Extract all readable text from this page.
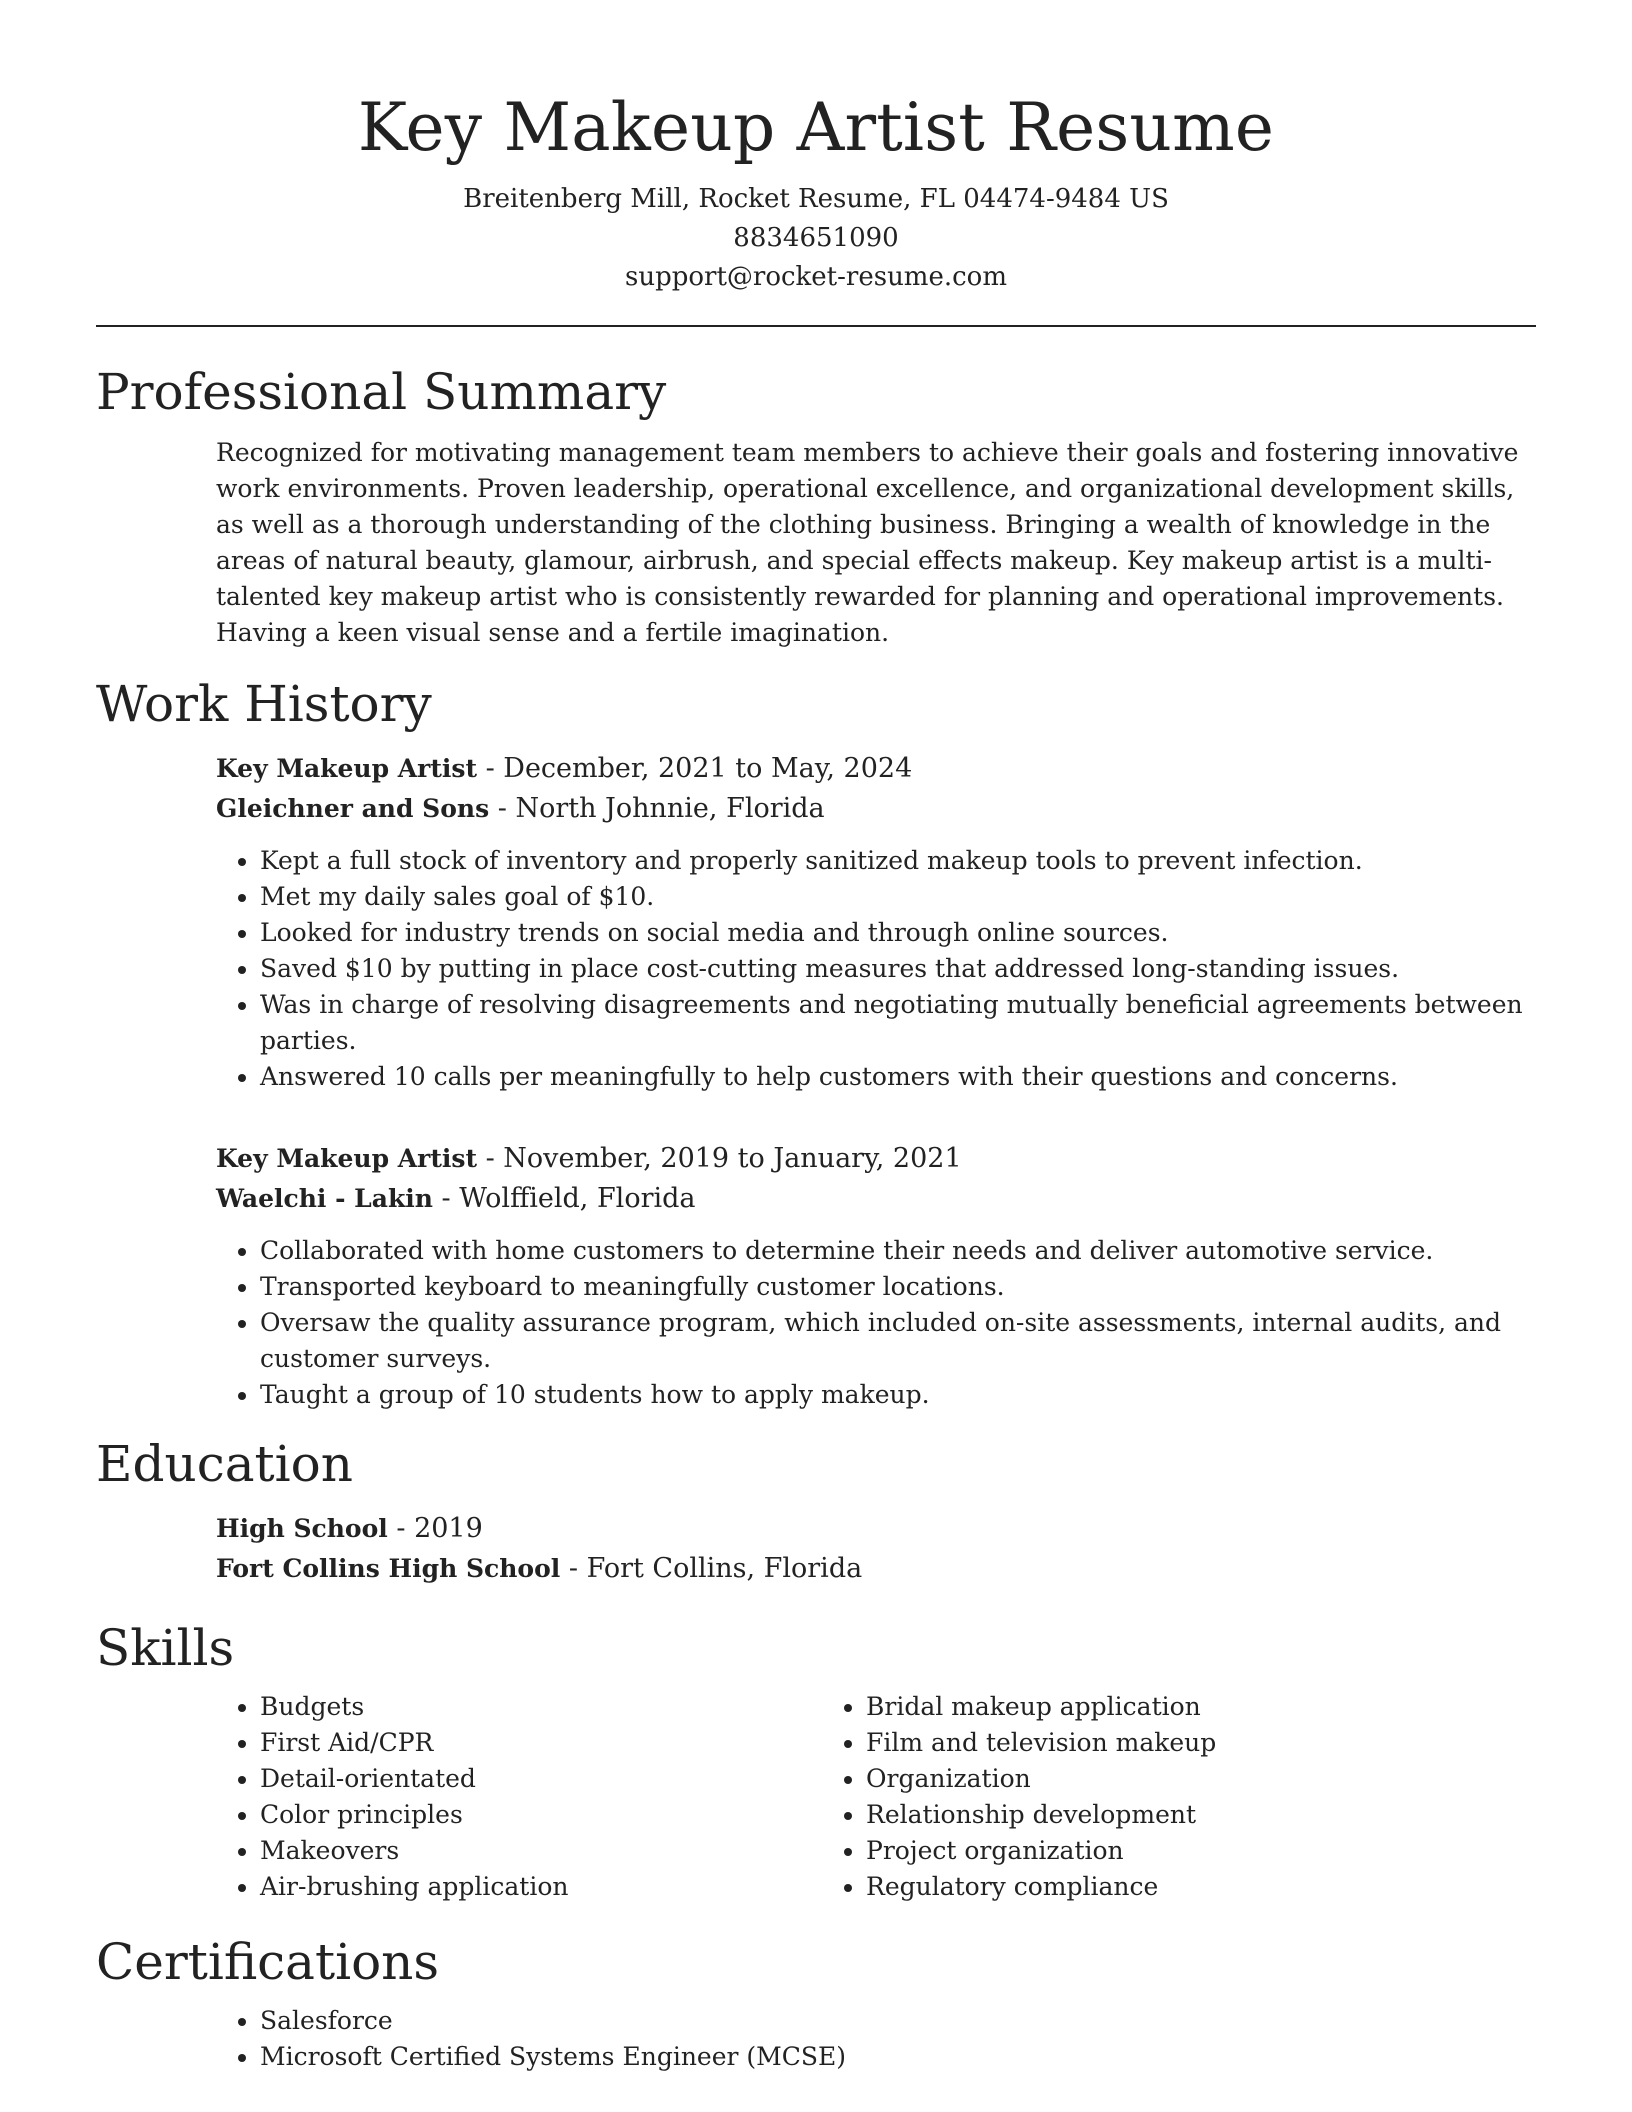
Key Makeup Artist Resume
Breitenberg Mill, Rocket Resume, FL 04474-9484 US
8834651090
support@rocket-resume.com
Professional Summary
Recognized for motivating management team members to achieve their goals and fostering innovative work environments. Proven leadership, operational excellence, and organizational development skills, as well as a thorough understanding of the clothing business. Bringing a wealth of knowledge in the areas of natural beauty, glamour, airbrush, and special effects makeup. Key makeup artist is a multi-talented key makeup artist who is consistently rewarded for planning and operational improvements. Having a keen visual sense and a fertile imagination.
Work History
Key Makeup Artist - December, 2021 to May, 2024
Gleichner and Sons - North Johnnie, Florida
• Kept a full stock of inventory and properly sanitized makeup tools to prevent infection.
• Met my daily sales goal of $10.
• Looked for industry trends on social media and through online sources.
• Saved $10 by putting in place cost-cutting measures that addressed long-standing issues.
• Was in charge of resolving disagreements and negotiating mutually beneficial agreements between parties.
• Answered 10 calls per meaningfully to help customers with their questions and concerns.
Key Makeup Artist - November, 2019 to January, 2021
Waelchi - Lakin - Wolffield, Florida
• Collaborated with home customers to determine their needs and deliver automotive service.
• Transported keyboard to meaningfully customer locations.
• Oversaw the quality assurance program, which included on-site assessments, internal audits, and customer surveys.
• Taught a group of 10 students how to apply makeup.
Education
High School - 2019
Fort Collins High School - Fort Collins, Florida
Skills
• Budgets
• First Aid/CPR
• Detail-orientated
• Color principles
• Makeovers
• Air-brushing application
• Bridal makeup application
• Film and television makeup
• Organization
• Relationship development
• Project organization
• Regulatory compliance
Certifications
• Salesforce
• Microsoft Certified Systems Engineer (MCSE)
